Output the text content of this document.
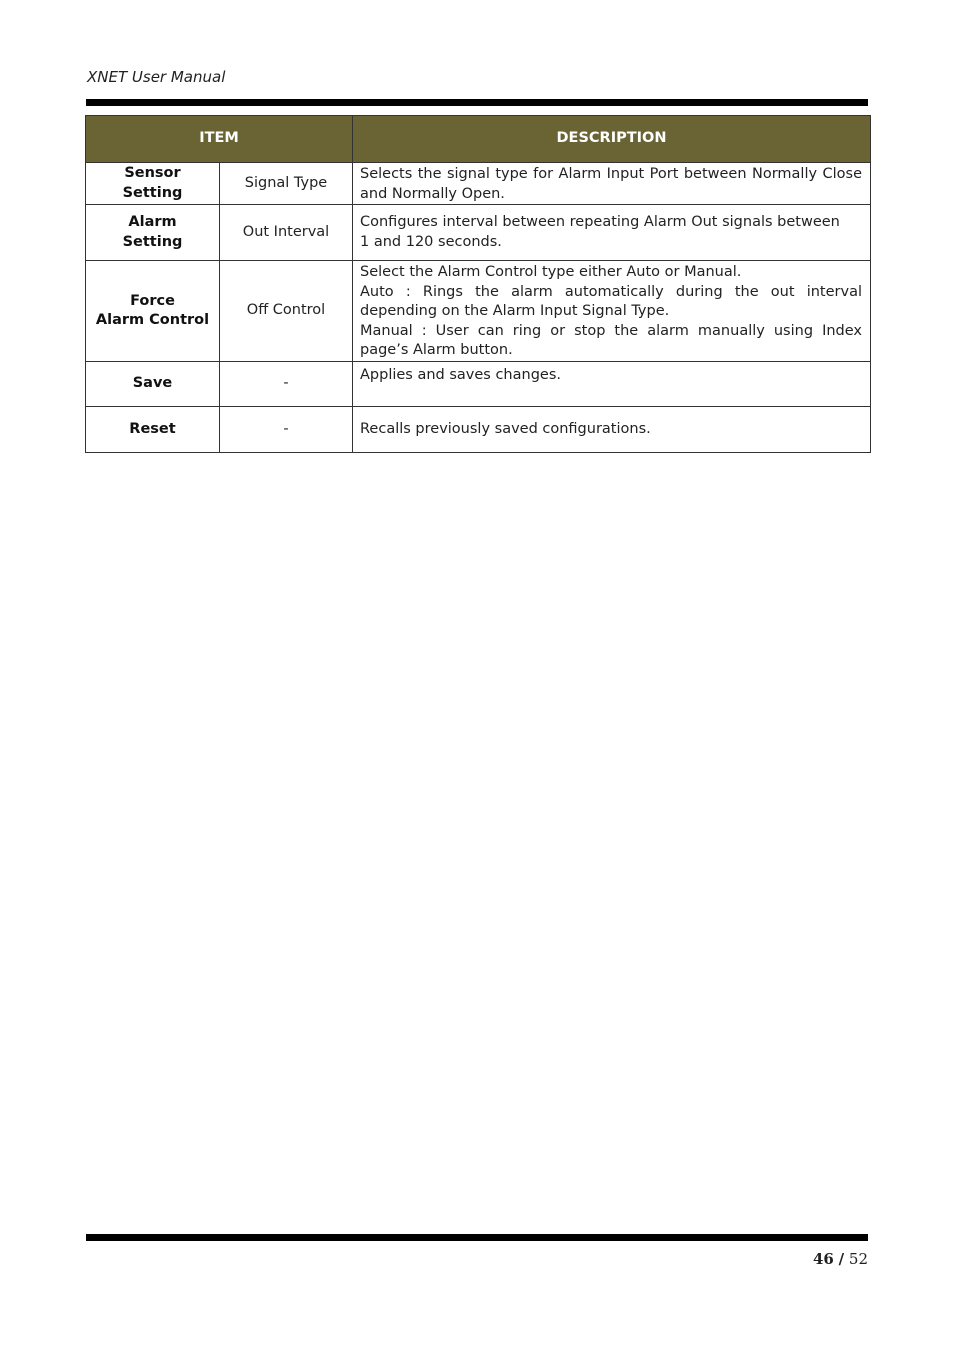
XNET User Manual
ITEM		DESCRIPTION
Sensor
Setting	Signal Type	Selects the signal type for Alarm Input Port between Normally Close and Normally Open.

Alarm
Setting	Out Interval	Configures interval between repeating Alarm Out signals between
1 and 120 seconds.

Force
Alarm Control	Off Control	Select the Alarm Control type either Auto or Manual.
Auto : Rings the alarm automatically during the out interval depending on the Alarm Input Signal Type.
Manual : User can ring or stop the alarm manually using Index page’s Alarm button.

Save	-	Applies and saves changes.

Reset	-	Recalls previously saved configurations.
46 / 52
